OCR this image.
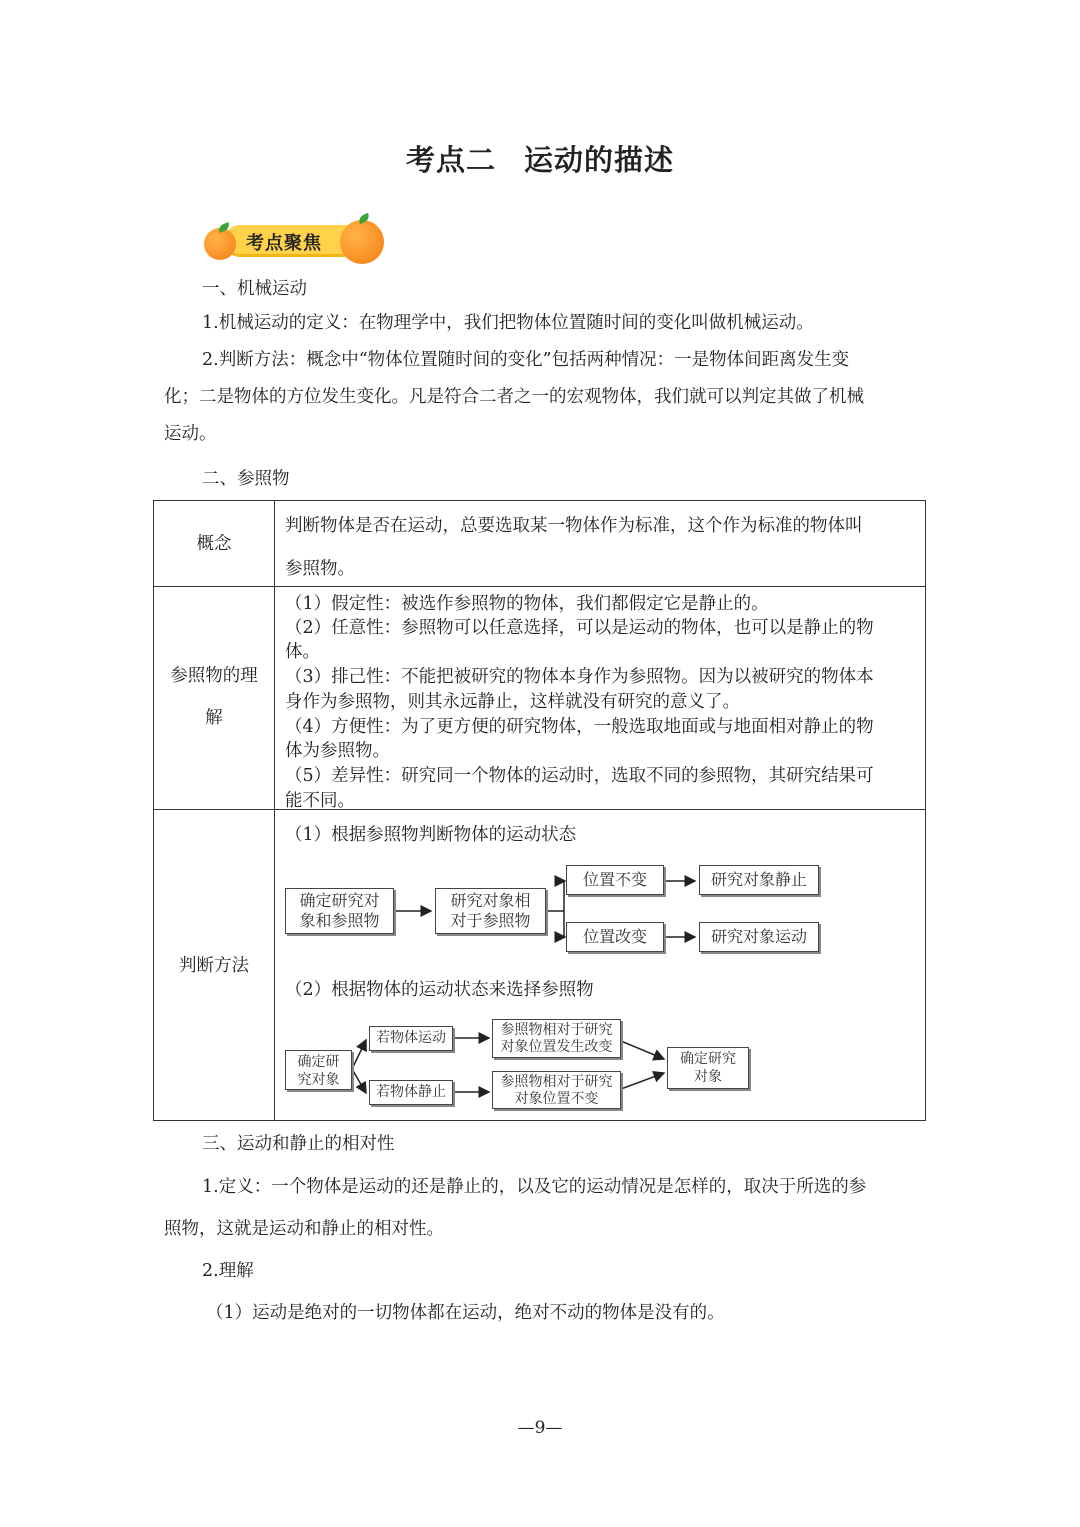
考点二 运动的描述
考点聚焦
一、机械运动
1.机械运动的定义：在物理学中，我们把物体位置随时间的变化叫做机械运动。
2.判断方法：概念中“物体位置随时间的变化”包括两种情况：一是物体间距离发生变
化；二是物体的方位发生变化。凡是符合二者之一的宏观物体，我们就可以判定其做了机械
运动。
二、参照物
概念
判断物体是否在运动，总要选取某一物体作为标准，这个作为标准的物体叫
参照物。
参照物的理
解
（1）假定性：被选作参照物的物体，我们都假定它是静止的。
（2）任意性：参照物可以任意选择，可以是运动的物体，也可以是静止的物
体。
（3）排己性：不能把被研究的物体本身作为参照物。因为以被研究的物体本
身作为参照物，则其永远静止，这样就没有研究的意义了。
（4）方便性：为了更方便的研究物体，一般选取地面或与地面相对静止的物
体为参照物。
（5）差异性：研究同一个物体的运动时，选取不同的参照物，其研究结果可
能不同。
判断方法
（1）根据参照物判断物体的运动状态
（2）根据物体的运动状态来选择参照物
确定研究对
象和参照物
研究对象相
对于参照物
位置不变	研究对象静止
位置改变	研究对象运动
确定研
究对象
若物体运动
若物体静止
参照物相对于研究
对象位置发生改变
参照物相对于研究
对象位置不变
确定研究
对象
三、运动和静止的相对性
1.定义：一个物体是运动的还是静止的，以及它的运动情况是怎样的，取决于所选的参
照物，这就是运动和静止的相对性。
2.理解
（1）运动是绝对的一切物体都在运动，绝对不动的物体是没有的。
—9—
